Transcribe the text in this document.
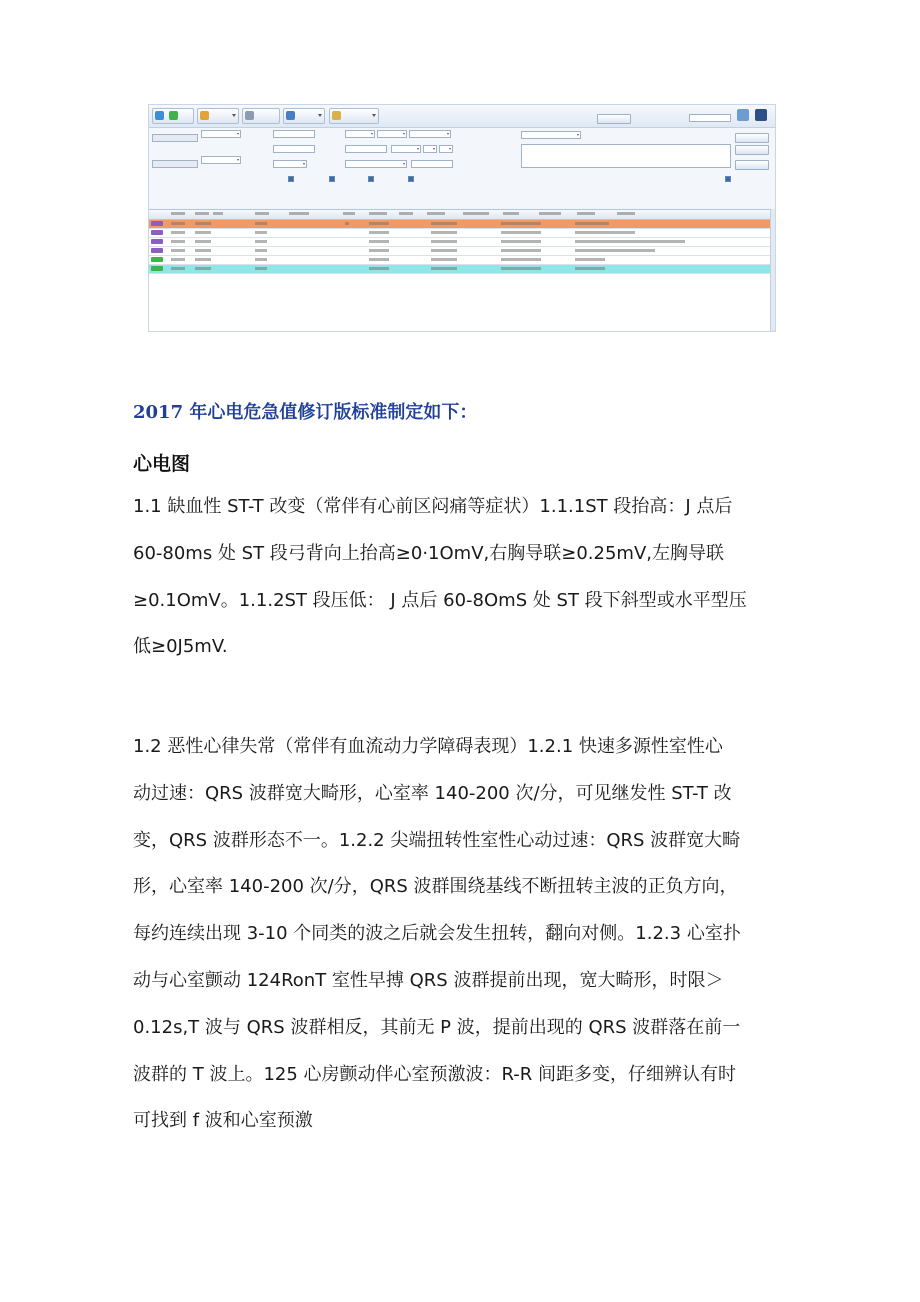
2017 年心电危急值修订版标准制定如下：
心电图

1.1 缺血性 ST-T 改变（常伴有心前区闷痛等症状）1.1.1ST 段抬高：J 点后
60-80ms 处 ST 段弓背向上抬高≥0·1OmV,右胸导联≥0.25mV,左胸导联
≥0.1OmV。1.1.2ST 段压低： J 点后 60-8OmS 处 ST 段下斜型或水平型压
低≥0J5mV.

1.2 恶性心律失常（常伴有血流动力学障碍表现）1.2.1 快速多源性室性心
动过速：QRS 波群宽大畸形，心室率 140-200 次/分，可见继发性 ST-T 改
变，QRS 波群形态不一。1.2.2 尖端扭转性室性心动过速：QRS 波群宽大畸
形，心室率 140-200 次/分，QRS 波群围绕基线不断扭转主波的正负方向，
每约连续出现 3-10 个同类的波之后就会发生扭转，翻向对侧。1.2.3 心室扑
动与心室颤动 124RonT 室性早搏 QRS 波群提前出现，宽大畸形，时限＞
0.12s,T 波与 QRS 波群相反，其前无 P 波，提前出现的 QRS 波群落在前一
波群的 T 波上。125 心房颤动伴心室预激波：R-R 间距多变，仔细辨认有时
可找到 f 波和心室预激
